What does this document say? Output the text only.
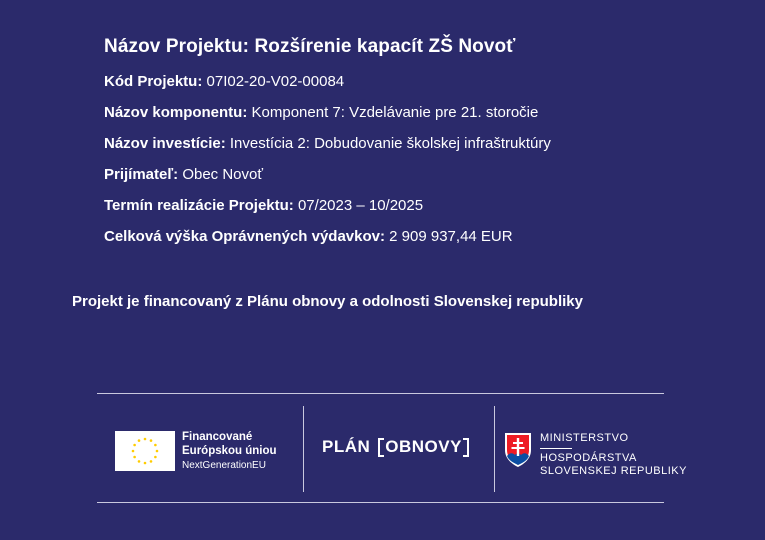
Názov Projektu: Rozšírenie kapacít ZŠ Novoť
Kód Projektu: 07I02-20-V02-00084
Názov komponentu: Komponent 7: Vzdelávanie pre 21. storočie
Názov investície: Investícia 2: Dobudovanie školskej infraštruktúry
Prijímateľ: Obec Novoť
Termín realizácie Projektu: 07/2023 – 10/2025
Celková výška Oprávnených výdavkov: 2 909 937,44 EUR
Projekt je financovaný z Plánu obnovy a odolnosti Slovenskej republiky
Financované
Európskou úniou
NextGenerationEU
PLÁN OBNOVY	MINISTERSTVO
HOSPODÁRSTVA
SLOVENSKEJ REPUBLIKY
